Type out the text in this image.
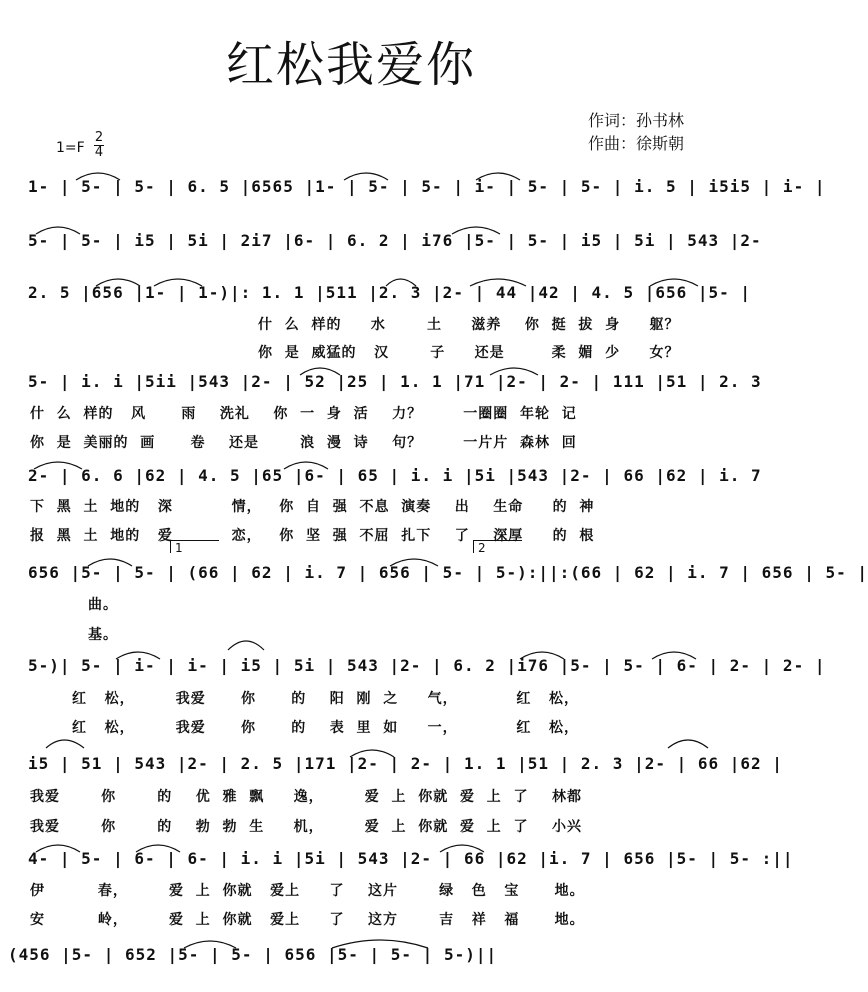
红松我爱你
作词：孙书林
作曲：徐斯朝
1=F
2
4
1- | 5- | 5- | 6. 5 |6565 |1- | 5- | 5- | i- | 5- | 5- | i. 5 | i5i5 | i- |
5- | 5- | i5 | 5i | 2i7 |6- | 6. 2 | i76 |5- | 5- | i5 | 5i | 543 |2-
2. 5 |656 |1- | 1-)|: 1. 1 |511 |2. 3 |2- | 44 |42 | 4. 5 |656 |5- |
什  么  样的     水       土     滋养    你  挺  拔  身     躯？
你  是  威猛的   汉       子     还是        柔  媚  少     女？
5- | i. i |5ii |543 |2- | 52 |25 | 1. 1 |71 |2- | 2- | 111 |51 | 2. 3
什  么  样的   风      雨    洗礼    你  一  身  活    力？       一圈圈  年轮  记
你  是  美丽的  画      卷    还是       浪  漫  诗    句？       一片片  森林  回
2- | 6. 6 |62 | 4. 5 |65 |6- | 65 | i. i |5i |543 |2- | 66 |62 | i. 7
下  黑  土  地的   深          情，   你  自  强  不息  演奏    出    生命     的  神
报  黑  土  地的   爱          恋，   你  坚  强  不屈  扎下    了    深厚     的  根
1	2
656 |5- | 5- | (66 | 62 | i. 7 | 656 | 5- | 5-):||:(66 | 62 | i. 7 | 656 | 5- |
曲。
基。
5-)| 5- | i- | i- | i5 | 5i | 543 |2- | 6. 2 |i76 |5- | 5- | 6- | 2- | 2- |
红   松，       我爱      你      的    阳  刚  之     气，          红   松，
红   松，       我爱      你      的    表  里  如     一，          红   松，
i5 | 51 | 543 |2- | 2. 5 |171 |2- | 2- | 1. 1 |51 | 2. 3 |2- | 66 |62 |
我爱       你       的    优  雅  飘     逸，       爱  上  你就  爱  上  了    林都
我爱       你       的    勃  勃  生     机，       爱  上  你就  爱  上  了    小兴
4- | 5- | 6- | 6- | i. i |5i | 543 |2- | 66 |62 |i. 7 | 656 |5- | 5- :||
伊         春，       爱  上  你就   爱上     了    这片       绿   色   宝      地。
安         岭，       爱  上  你就   爱上     了    这方       吉   祥   福      地。
(456 |5- | 652 |5- | 5- | 656 |5- | 5- | 5-)||
